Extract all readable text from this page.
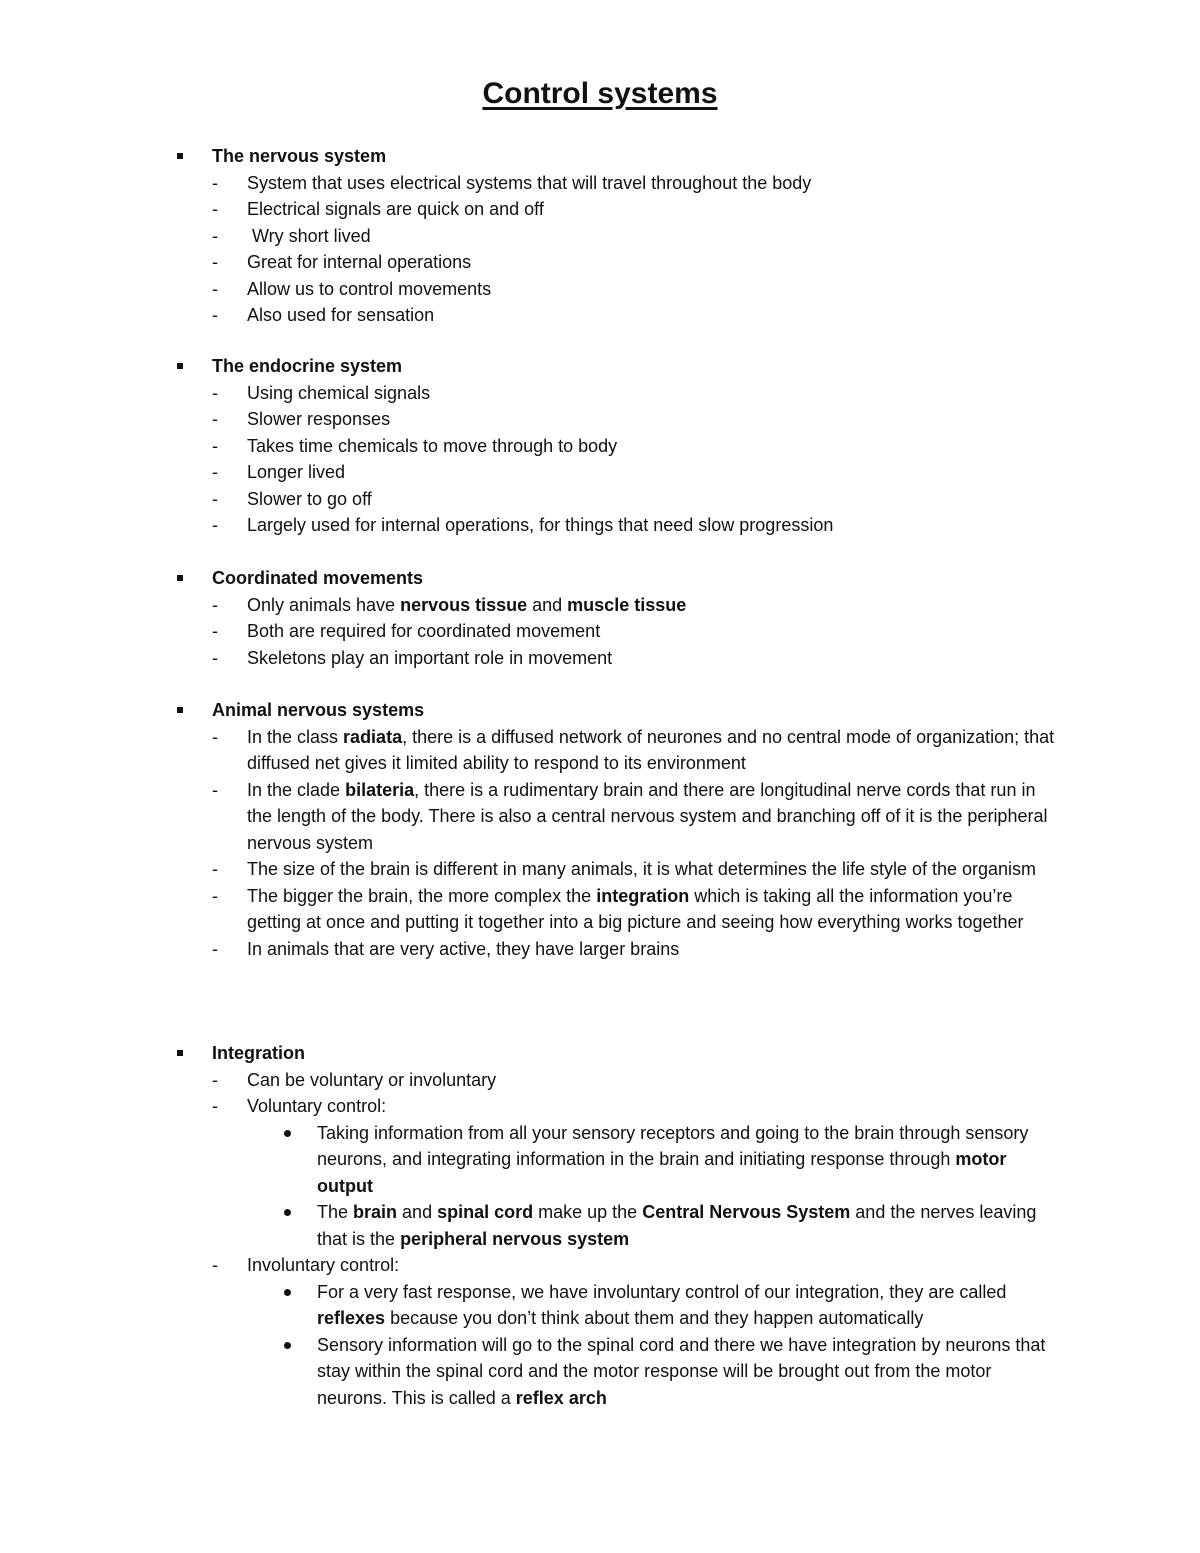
Control systems
The nervous system
- System that uses electrical systems that will travel throughout the body
- Electrical signals are quick on and off
- Wry short lived
- Great for internal operations
- Allow us to control movements
- Also used for sensation
The endocrine system
- Using chemical signals
- Slower responses
- Takes time chemicals to move through to body
- Longer lived
- Slower to go off
- Largely used for internal operations, for things that need slow progression
Coordinated movements
- Only animals have nervous tissue and muscle tissue
- Both are required for coordinated movement
- Skeletons play an important role in movement
Animal nervous systems
- In the class radiata, there is a diffused network of neurones and no central mode of organization; that diffused net gives it limited ability to respond to its environment
- In the clade bilateria, there is a rudimentary brain and there are longitudinal nerve cords that run in the length of the body. There is also a central nervous system and branching off of it is the peripheral nervous system
- The size of the brain is different in many animals, it is what determines the life style of the organism
- The bigger the brain, the more complex the integration which is taking all the information you’re getting at once and putting it together into a big picture and seeing how everything works together
- In animals that are very active, they have larger brains
Integration
- Can be voluntary or involuntary
- Voluntary control:
Taking information from all your sensory receptors and going to the brain through sensory neurons, and integrating information in the brain and initiating response through motor output
The brain and spinal cord make up the Central Nervous System and the nerves leaving that is the peripheral nervous system
- Involuntary control:
For a very fast response, we have involuntary control of our integration, they are called reflexes because you don’t think about them and they happen automatically
Sensory information will go to the spinal cord and there we have integration by neurons that stay within the spinal cord and the motor response will be brought out from the motor neurons. This is called a reflex arch
